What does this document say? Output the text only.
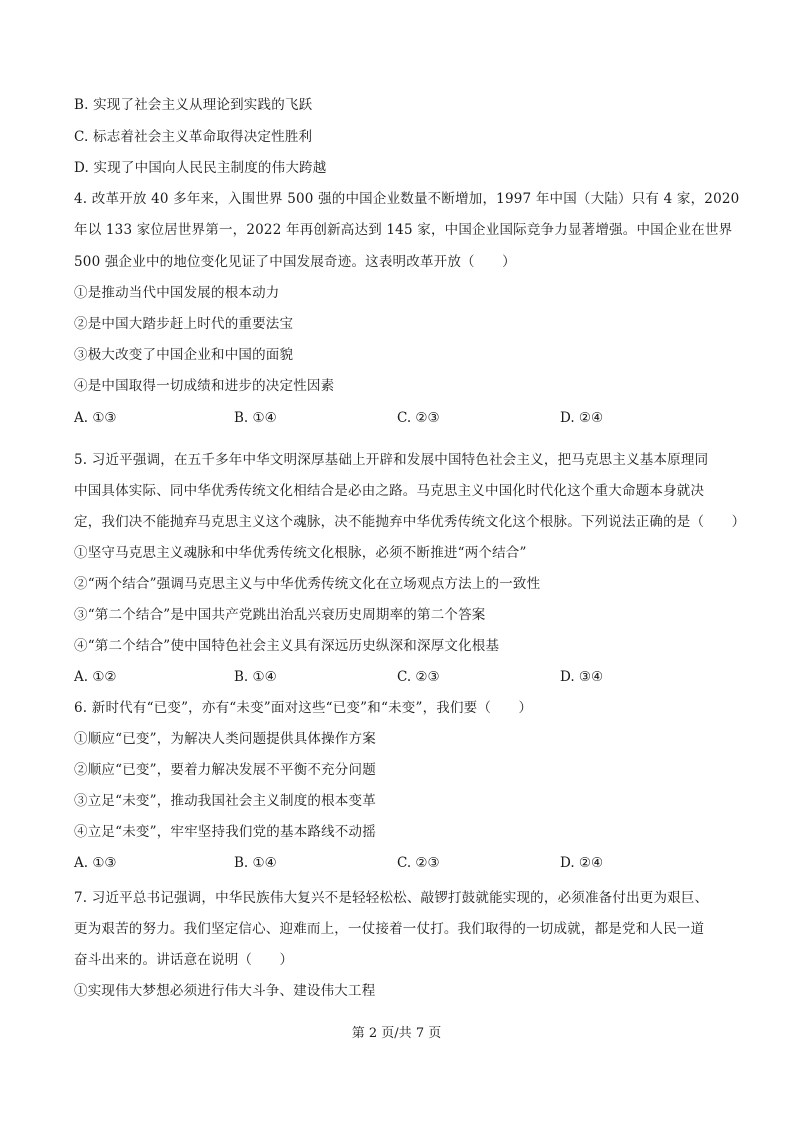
B. 实现了社会主义从理论到实践的飞跃
C. 标志着社会主义革命取得决定性胜利
D. 实现了中国向人民民主制度的伟大跨越
4. 改革开放 40 多年来，入围世界 500 强的中国企业数量不断增加，1997 年中国（大陆）只有 4 家，2020
年以 133 家位居世界第一，2022 年再创新高达到 145 家，中国企业国际竞争力显著增强。中国企业在世界
500 强企业中的地位变化见证了中国发展奇迹。这表明改革开放（　　）
①是推动当代中国发展的根本动力
②是中国大踏步赶上时代的重要法宝
③极大改变了中国企业和中国的面貌
④是中国取得一切成绩和进步的决定性因素
A. ①③	B. ①④	C. ②③	D. ②④
5. 习近平强调，在五千多年中华文明深厚基础上开辟和发展中国特色社会主义，把马克思主义基本原理同
中国具体实际、同中华优秀传统文化相结合是必由之路。马克思主义中国化时代化这个重大命题本身就决
定，我们决不能抛弃马克思主义这个魂脉，决不能抛弃中华优秀传统文化这个根脉。下列说法正确的是（　　）
①坚守马克思主义魂脉和中华优秀传统文化根脉，必须不断推进“两个结合”
②“两个结合”强调马克思主义与中华优秀传统文化在立场观点方法上的一致性
③“第二个结合”是中国共产党跳出治乱兴衰历史周期率的第二个答案
④“第二个结合”使中国特色社会主义具有深远历史纵深和深厚文化根基
A. ①②	B. ①④	C. ②③	D. ③④
6. 新时代有“已变”，亦有“未变”面对这些“已变”和“未变”，我们要（　　）
①顺应“已变”，为解决人类问题提供具体操作方案
②顺应“已变”，要着力解决发展不平衡不充分问题
③立足“未变”，推动我国社会主义制度的根本变革
④立足“未变”，牢牢坚持我们党的基本路线不动摇
A. ①③	B. ①④	C. ②③	D. ②④
7. 习近平总书记强调，中华民族伟大复兴不是轻轻松松、敲锣打鼓就能实现的，必须准备付出更为艰巨、
更为艰苦的努力。我们坚定信心、迎难而上，一仗接着一仗打。我们取得的一切成就，都是党和人民一道
奋斗出来的。讲话意在说明（　　）
①实现伟大梦想必须进行伟大斗争、建设伟大工程
第 2 页/共 7 页
